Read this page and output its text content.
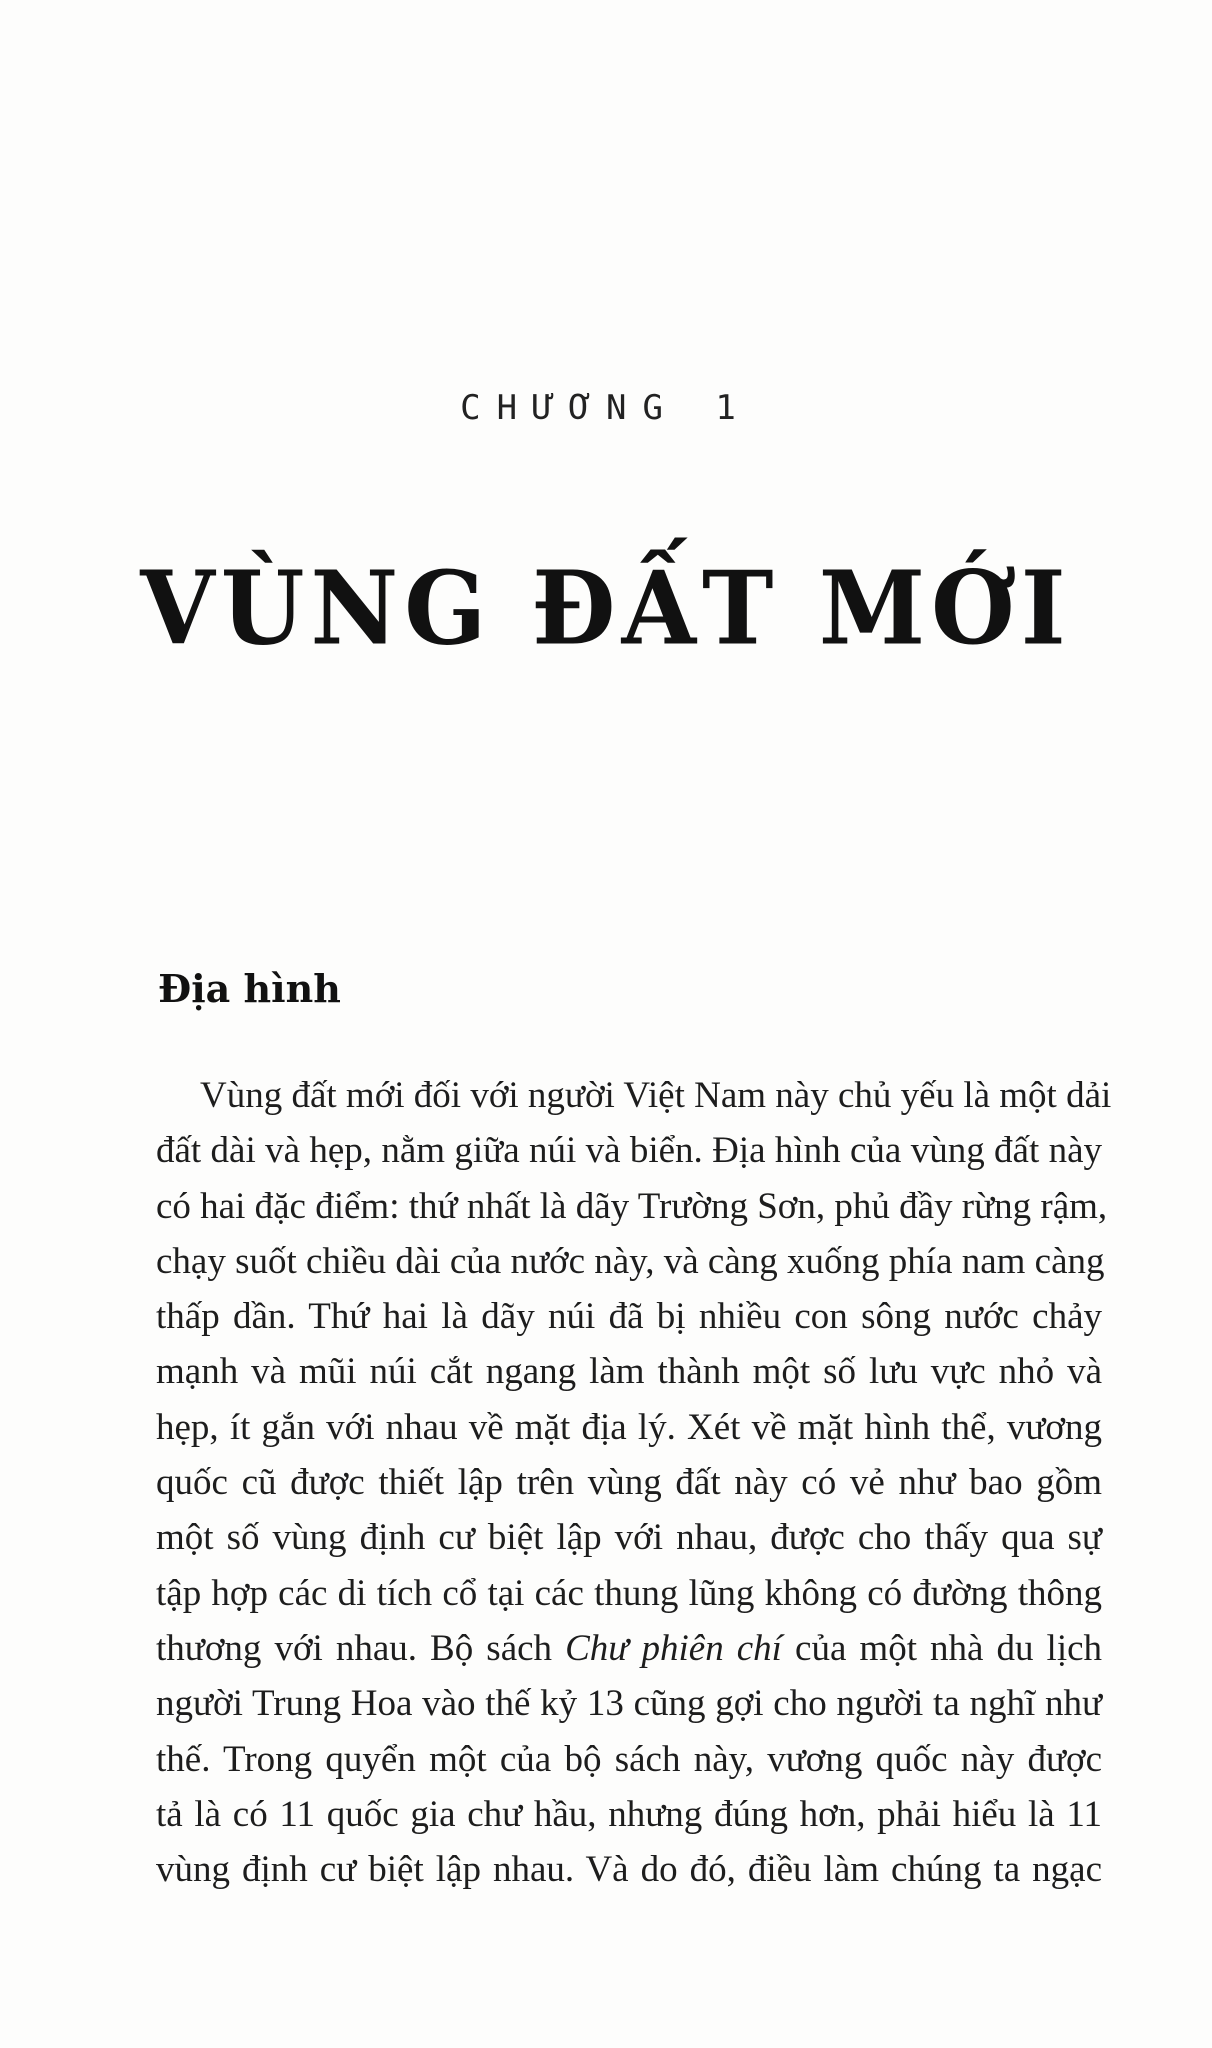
CHƯƠNG 1
VÙNG ĐẤT MỚI
Địa hình
Vùng đất mới đối với người Việt Nam này chủ yếu là một dải
đất dài và hẹp, nằm giữa núi và biển. Địa hình của vùng đất này
có hai đặc điểm: thứ nhất là dãy Trường Sơn, phủ đầy rừng rậm,
chạy suốt chiều dài của nước này, và càng xuống phía nam càng
thấp dần. Thứ hai là dãy núi đã bị nhiều con sông nước chảy
mạnh và mũi núi cắt ngang làm thành một số lưu vực nhỏ và
hẹp, ít gắn với nhau về mặt địa lý. Xét về mặt hình thể, vương
quốc cũ được thiết lập trên vùng đất này có vẻ như bao gồm
một số vùng định cư biệt lập với nhau, được cho thấy qua sự
tập hợp các di tích cổ tại các thung lũng không có đường thông
thương với nhau. Bộ sách Chư phiên chí của một nhà du lịch
người Trung Hoa vào thế kỷ 13 cũng gợi cho người ta nghĩ như
thế. Trong quyển một của bộ sách này, vương quốc này được
tả là có 11 quốc gia chư hầu, nhưng đúng hơn, phải hiểu là 11
vùng định cư biệt lập nhau. Và do đó, điều làm chúng ta ngạc
